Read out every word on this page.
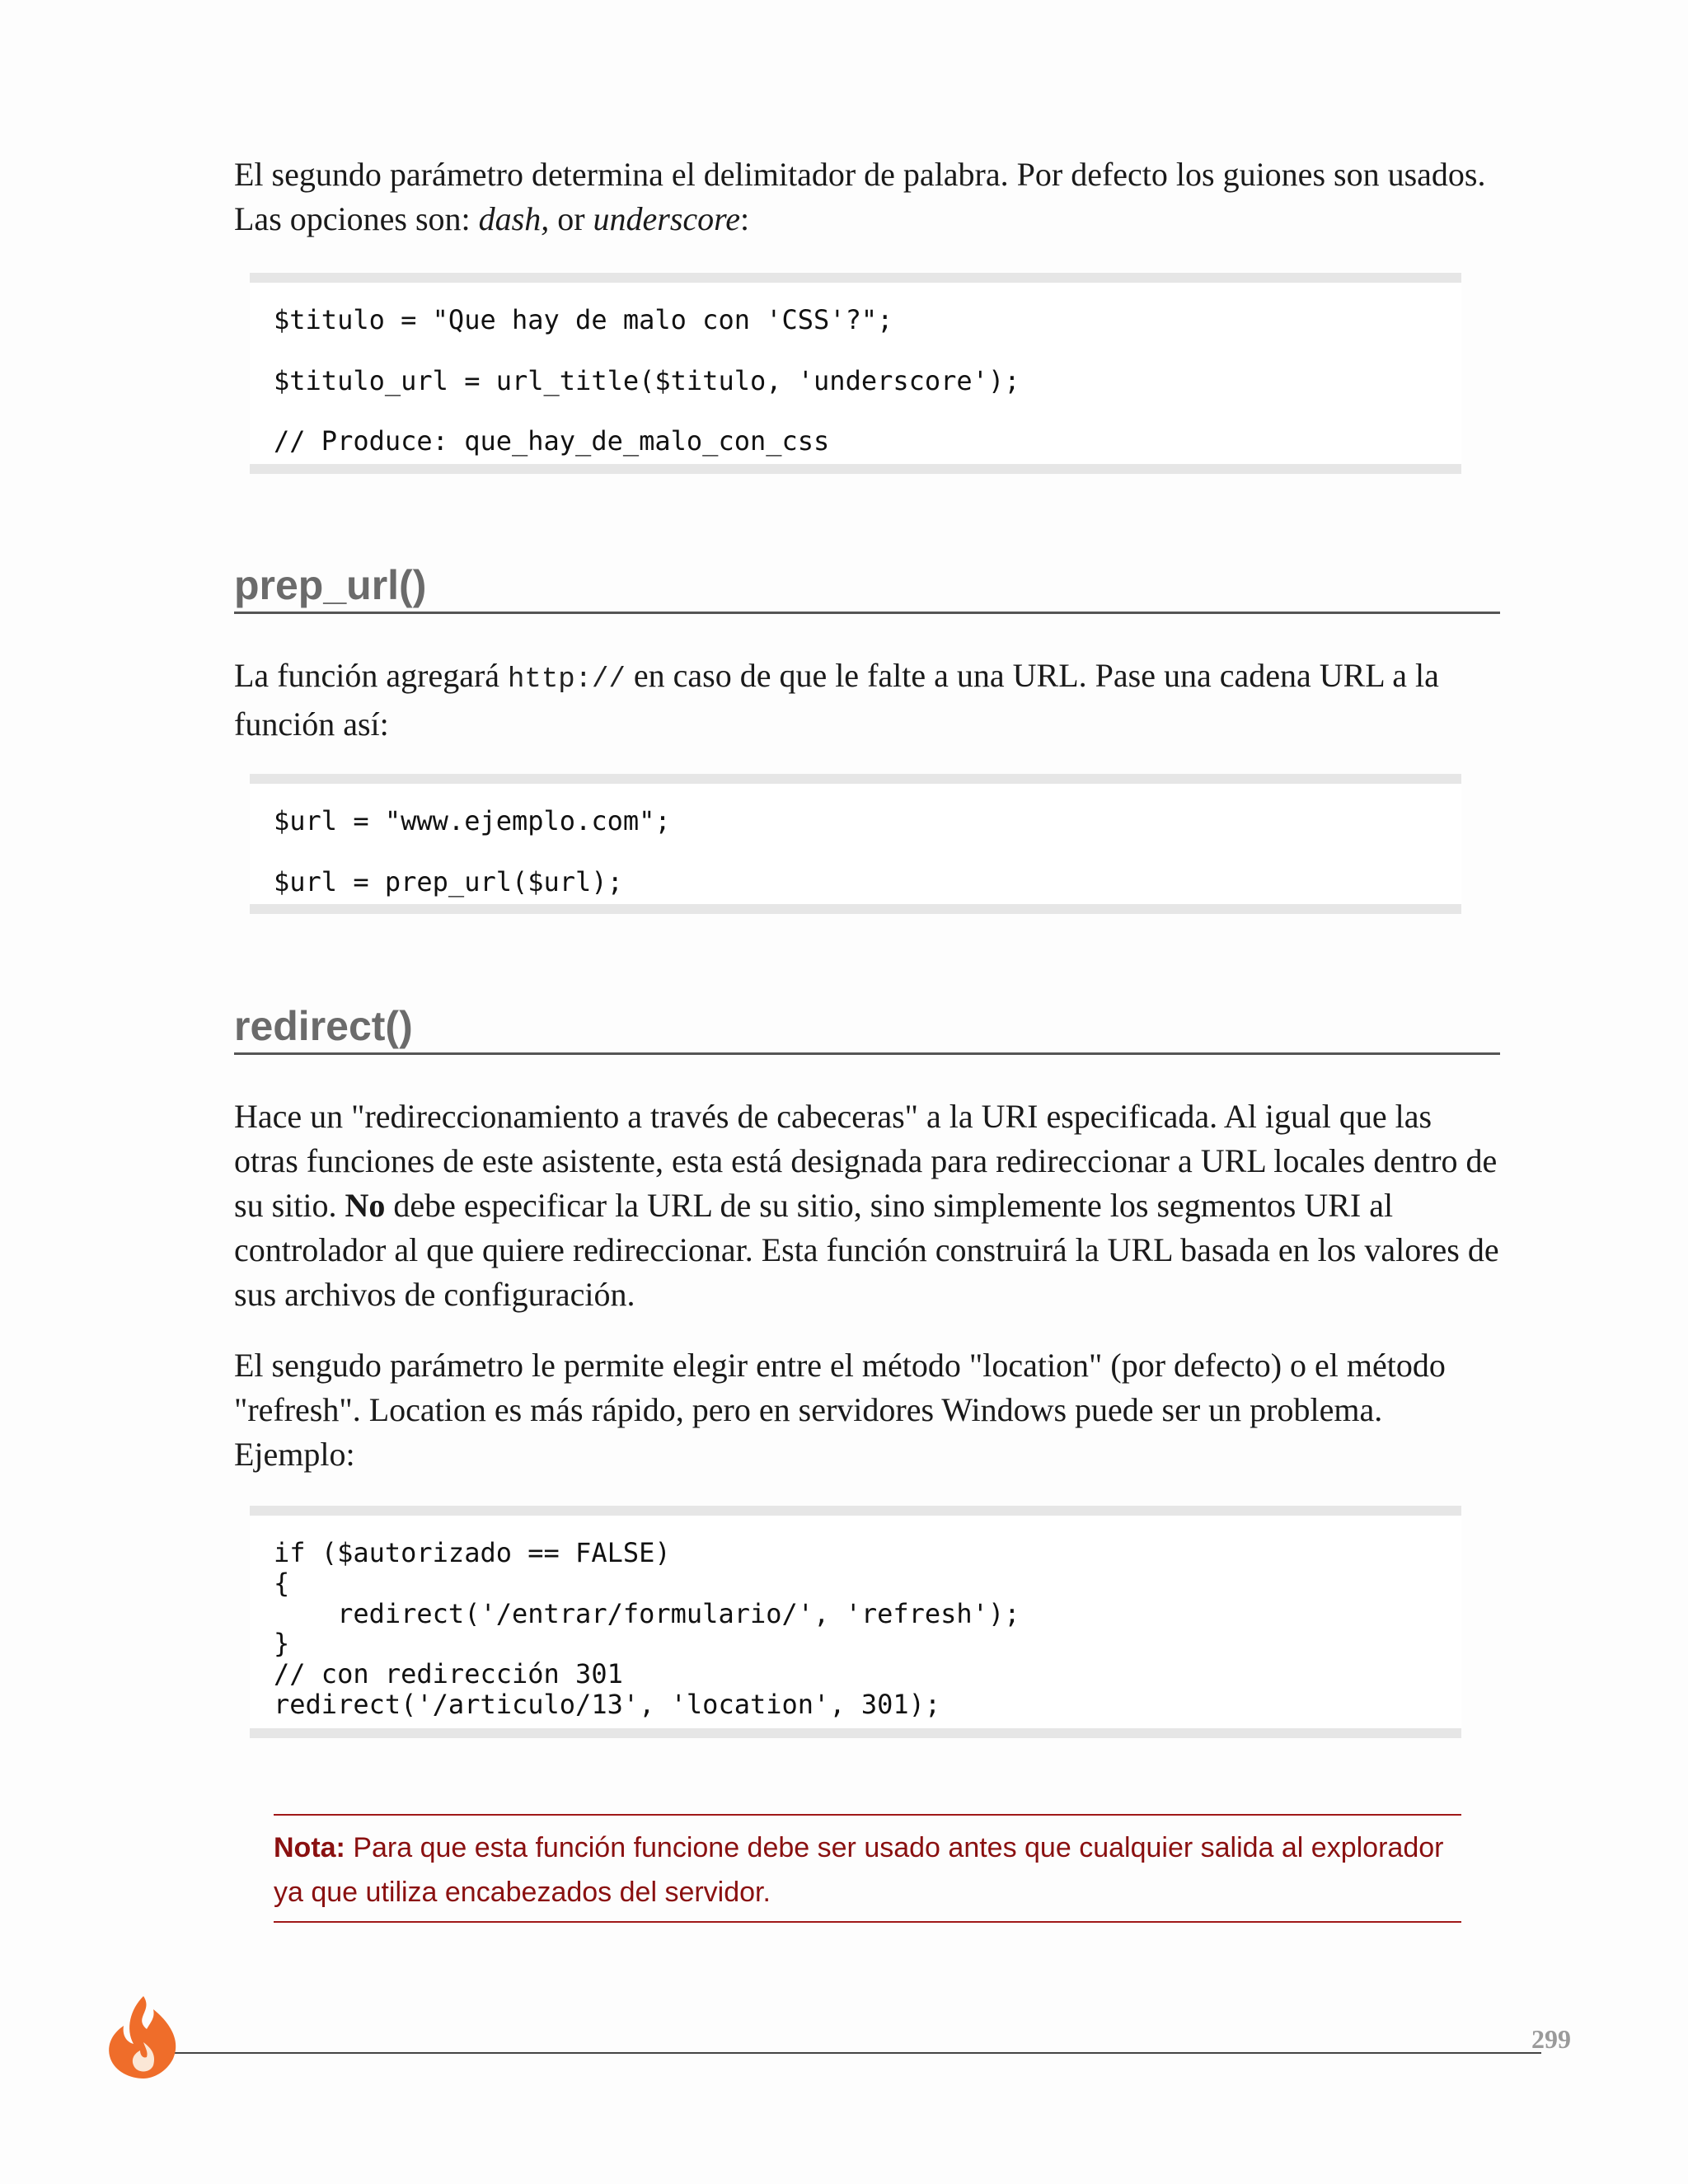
El segundo parámetro determina el delimitador de palabra. Por defecto los guiones son usados. Las opciones son: dash, or underscore:

$titulo = "Que hay de malo con 'CSS'?";
$titulo_url = url_title($titulo, 'underscore');
// Produce: que_hay_de_malo_con_css
prep_url()

La función agregará http:// en caso de que le falte a una URL. Pase una cadena URL a la función así:

$url = "www.ejemplo.com";
$url = prep_url($url);
redirect()

Hace un "redireccionamiento a través de cabeceras" a la URI especificada. Al igual que las otras funciones de este asistente, esta está designada para redireccionar a URL locales dentro de su sitio. No debe especificar la URL de su sitio, sino simplemente los segmentos URI al controlador al que quiere redireccionar. Esta función construirá la URL basada en los valores de sus archivos de configuración.

El sengudo parámetro le permite elegir entre el método "location" (por defecto) o el método "refresh". Location es más rápido, pero en servidores Windows puede ser un problema. Ejemplo:

if ($autorizado == FALSE)
{
redirect('/entrar/formulario/', 'refresh');
}
// con redirección 301
redirect('/articulo/13', 'location', 301);
Nota: Para que esta función funcione debe ser usado antes que cualquier salida al explorador ya que utiliza encabezados del servidor.
299
